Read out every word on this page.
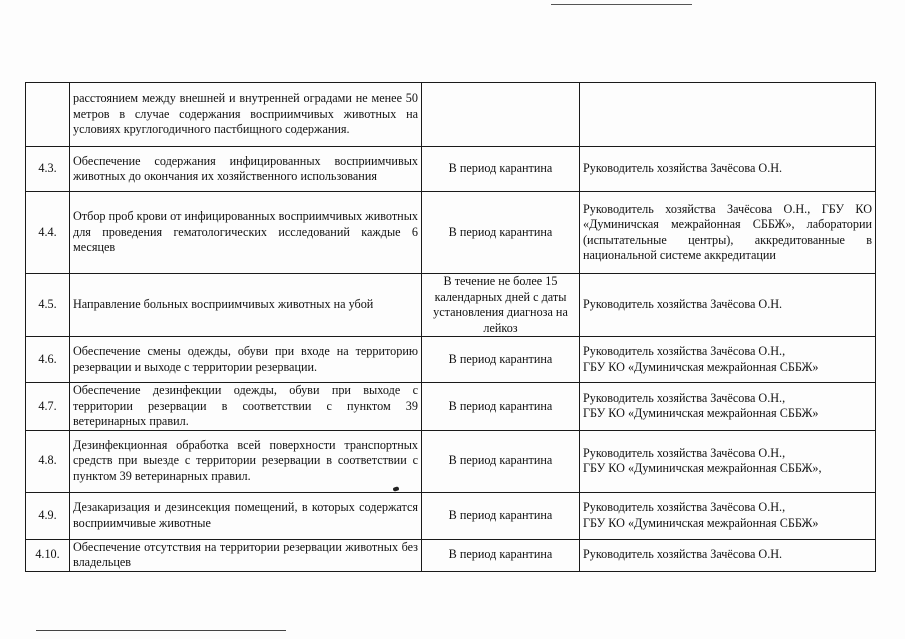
	расстоянием между внешней и внутренней оградами не менее 50 метров в случае содержания восприимчивых животных на условиях круглогодичного пастбищного содержания.		
4.3.	Обеспечение содержания инфицированных восприимчивых животных до окончания их хозяйственного использования	В период карантина	Руководитель хозяйства Зачёсова О.Н.

4.4.	Отбор проб крови от инфицированных восприимчивых животных для проведения гематологических исследований каждые 6 месяцев	В период карантина	Руководитель хозяйства Зачёсова О.Н., ГБУ КО «Думиничская межрайонная СББЖ», лаборатории (испытательные центры), аккредитованные в национальной системе аккредитации

4.5.	Направление больных восприимчивых животных на убой	В течение не более 15 календарных дней с даты установления диагноза на лейкоз	Руководитель хозяйства Зачёсова О.Н.

4.6.	Обеспечение смены одежды, обуви при входе на территорию резервации и выходе с территории резервации.	В период карантина	Руководитель хозяйства Зачёсова О.Н.,
ГБУ КО «Думиничская межрайонная СББЖ»

4.7.	Обеспечение дезинфекции одежды, обуви при выходе с территории резервации в соответствии с пунктом 39 ветеринарных правил.	В период карантина	Руководитель хозяйства Зачёсова О.Н.,
ГБУ КО «Думиничская межрайонная СББЖ»

4.8.	Дезинфекционная обработка всей поверхности транспортных средств при выезде с территории резервации в соответствии с пунктом 39 ветеринарных правил.	В период карантина	Руководитель хозяйства Зачёсова О.Н.,
ГБУ КО «Думиничская межрайонная СББЖ»,

4.9.	Дезакаризация и дезинсекция помещений, в которых содержатся восприимчивые животные	В период карантина	Руководитель хозяйства Зачёсова О.Н.,
ГБУ КО «Думиничская межрайонная СББЖ»

4.10.	Обеспечение отсутствия на территории резервации животных без владельцев	В период карантина	Руководитель хозяйства Зачёсова О.Н.
